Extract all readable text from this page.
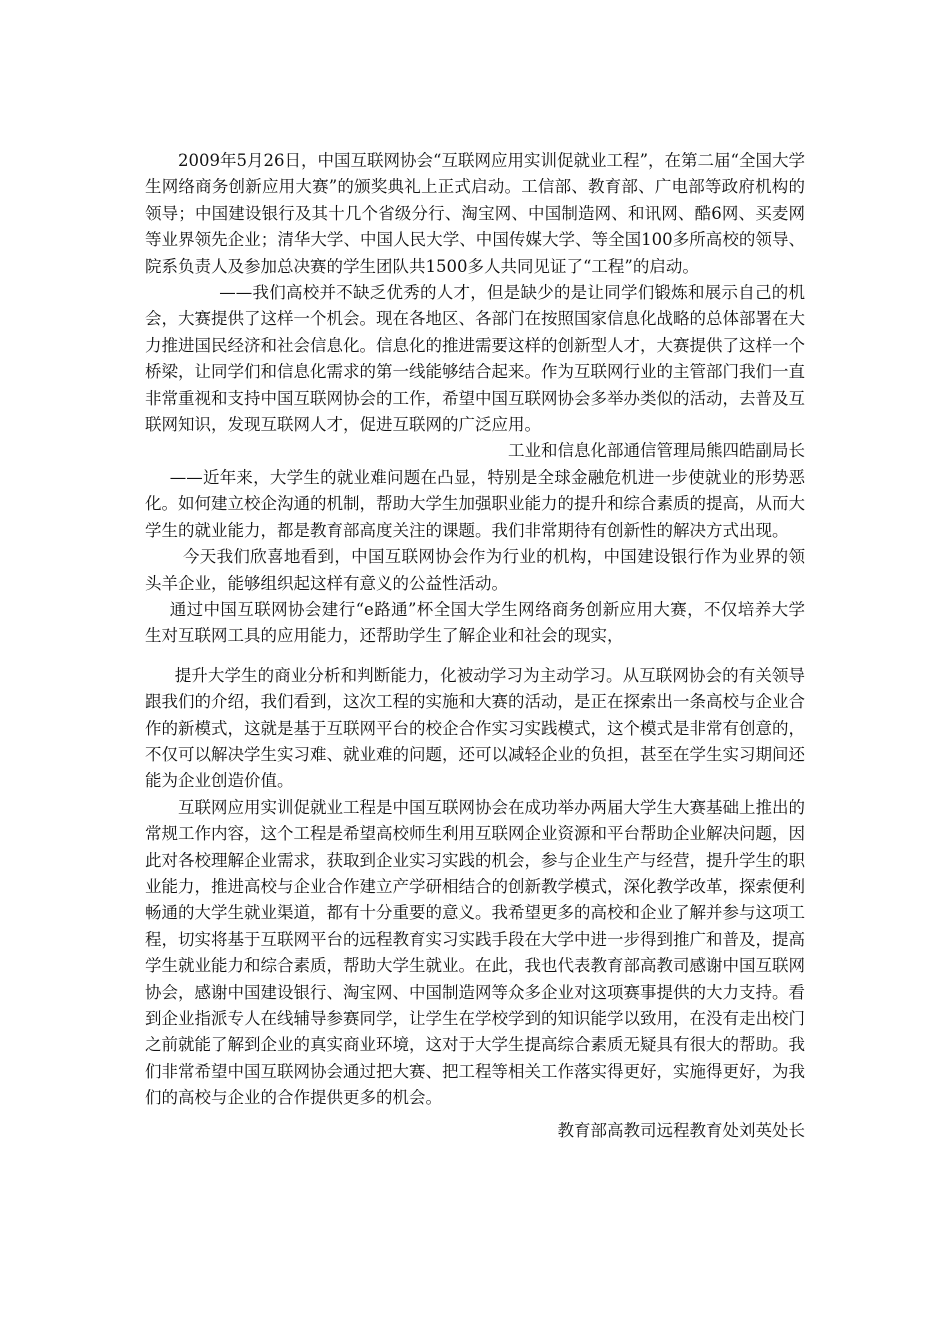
2009年5月26日，中国互联网协会“互联网应用实训促就业工程”，在第二届“全国大学生网络商务创新应用大赛”的颁奖典礼上正式启动。工信部、教育部、广电部等政府机构的领导；中国建设银行及其十几个省级分行、淘宝网、中国制造网、和讯网、酷6网、买麦网等业界领先企业；清华大学、中国人民大学、中国传媒大学、等全国100多所高校的领导、院系负责人及参加总决赛的学生团队共1500多人共同见证了“工程”的启动。

——我们高校并不缺乏优秀的人才，但是缺少的是让同学们锻炼和展示自己的机会，大赛提供了这样一个机会。现在各地区、各部门在按照国家信息化战略的总体部署在大力推进国民经济和社会信息化。信息化的推进需要这样的创新型人才，大赛提供了这样一个桥梁，让同学们和信息化需求的第一线能够结合起来。作为互联网行业的主管部门我们一直非常重视和支持中国互联网协会的工作，希望中国互联网协会多举办类似的活动，去普及互联网知识，发现互联网人才，促进互联网的广泛应用。

工业和信息化部通信管理局熊四皓副局长

——近年来，大学生的就业难问题在凸显，特别是全球金融危机进一步使就业的形势恶化。如何建立校企沟通的机制，帮助大学生加强职业能力的提升和综合素质的提高，从而大学生的就业能力，都是教育部高度关注的课题。我们非常期待有创新性的解决方式出现。

今天我们欣喜地看到，中国互联网协会作为行业的机构，中国建设银行作为业界的领头羊企业，能够组织起这样有意义的公益性活动。

通过中国互联网协会建行“e路通”杯全国大学生网络商务创新应用大赛，不仅培养大学生对互联网工具的应用能力，还帮助学生了解企业和社会的现实，

提升大学生的商业分析和判断能力，化被动学习为主动学习。从互联网协会的有关领导跟我们的介绍，我们看到，这次工程的实施和大赛的活动，是正在探索出一条高校与企业合作的新模式，这就是基于互联网平台的校企合作实习实践模式，这个模式是非常有创意的，不仅可以解决学生实习难、就业难的问题，还可以减轻企业的负担，甚至在学生实习期间还能为企业创造价值。

互联网应用实训促就业工程是中国互联网协会在成功举办两届大学生大赛基础上推出的常规工作内容，这个工程是希望高校师生利用互联网企业资源和平台帮助企业解决问题，因此对各校理解企业需求，获取到企业实习实践的机会，参与企业生产与经营，提升学生的职业能力，推进高校与企业合作建立产学研相结合的创新教学模式，深化教学改革，探索便利畅通的大学生就业渠道，都有十分重要的意义。我希望更多的高校和企业了解并参与这项工程，切实将基于互联网平台的远程教育实习实践手段在大学中进一步得到推广和普及，提高学生就业能力和综合素质，帮助大学生就业。在此，我也代表教育部高教司感谢中国互联网协会，感谢中国建设银行、淘宝网、中国制造网等众多企业对这项赛事提供的大力支持。看到企业指派专人在线辅导参赛同学，让学生在学校学到的知识能学以致用，在没有走出校门之前就能了解到企业的真实商业环境，这对于大学生提高综合素质无疑具有很大的帮助。我们非常希望中国互联网协会通过把大赛、把工程等相关工作落实得更好，实施得更好，为我们的高校与企业的合作提供更多的机会。

教育部高教司远程教育处刘英处长
